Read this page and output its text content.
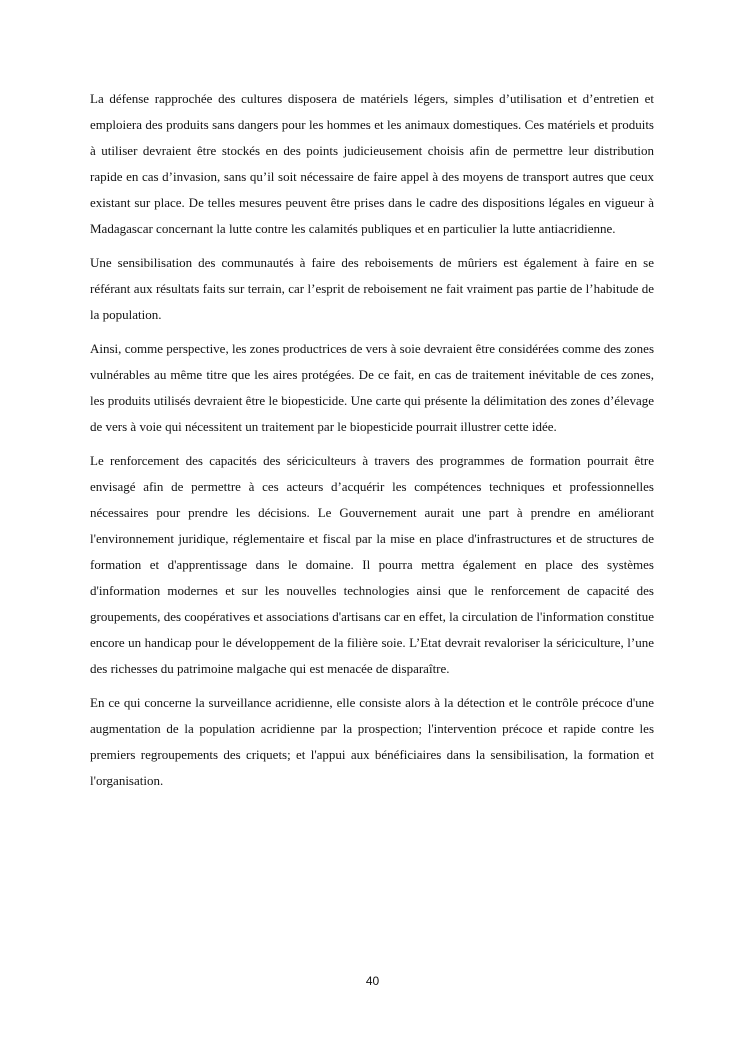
La défense rapprochée des cultures disposera de matériels légers, simples d’utilisation et d’entretien et emploiera des produits sans dangers pour les hommes et les animaux domestiques. Ces matériels et produits à utiliser devraient être stockés en des points judicieusement choisis afin de permettre leur distribution rapide en cas d’invasion, sans qu’il soit nécessaire de faire appel à des moyens de transport autres que ceux existant sur place. De telles mesures peuvent être prises dans le cadre des dispositions légales en vigueur à Madagascar concernant la lutte contre les calamités publiques et en particulier la lutte antiacridienne.

Une sensibilisation des communautés à faire des reboisements de mûriers est également à faire en se référant aux résultats faits sur terrain, car l’esprit de reboisement ne fait vraiment pas partie de l’habitude de la population.

Ainsi, comme perspective, les zones productrices de vers à soie devraient être considérées comme des zones vulnérables au même titre que les aires protégées. De ce fait, en cas de traitement inévitable de ces zones, les produits utilisés devraient être le biopesticide. Une carte qui présente la délimitation des zones d’élevage de vers à voie qui nécessitent un traitement par le biopesticide pourrait illustrer cette idée.

Le renforcement des capacités des sériciculteurs à travers des programmes de formation pourrait être envisagé afin de permettre à ces acteurs d’acquérir les compétences techniques et professionnelles nécessaires pour prendre les décisions. Le Gouvernement aurait une part à prendre en améliorant l'environnement juridique, réglementaire et fiscal par la mise en place d'infrastructures et de structures de formation et d'apprentissage dans le domaine. Il pourra mettra également en place des systèmes d'information modernes et sur les nouvelles technologies ainsi que le renforcement de capacité des groupements, des coopératives et associations d'artisans car en effet, la circulation de l'information constitue encore un handicap pour le développement de la filière soie. L’Etat devrait revaloriser la sériciculture, l’une des richesses du patrimoine malgache qui est menacée de disparaître.

En ce qui concerne la surveillance acridienne, elle consiste alors à la détection et le contrôle précoce d'une augmentation de la population acridienne par la prospection; l'intervention précoce et rapide contre les premiers regroupements des criquets; et l'appui aux bénéficiaires dans la sensibilisation, la formation et l'organisation.

40
